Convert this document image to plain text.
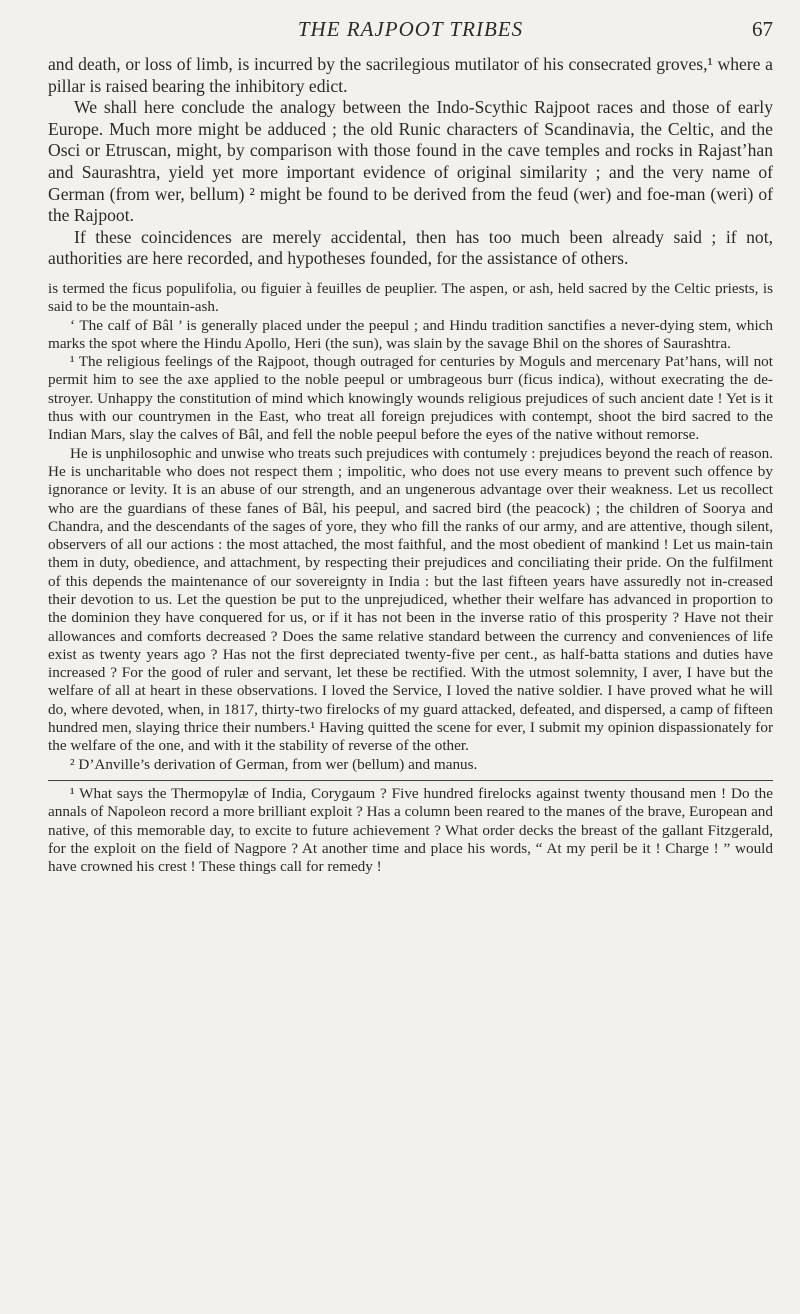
THE RAJPOOT TRIBES	67

and death, or loss of limb, is incurred by the sacrilegious mutilator of his consecrated groves,¹ where a pillar is raised bearing the inhibitory edict.

We shall here conclude the analogy between the Indo-Scythic Rajpoot races and those of early Europe. Much more might be adduced ; the old Runic characters of Scandinavia, the Celtic, and the Osci or Etruscan, might, by comparison with those found in the cave temples and rocks in Rajast’han and Saurashtra, yield yet more important evidence of original similarity ; and the very name of German (from wer, bellum) ² might be found to be derived from the feud (wer) and foe-man (weri) of the Rajpoot.

If these coincidences are merely accidental, then has too much been already said ; if not, authorities are here recorded, and hypotheses founded, for the assistance of others.

is termed the ficus populifolia, ou figuier à feuilles de peuplier. The aspen, or ash, held sacred by the Celtic priests, is said to be the mountain-ash.

‘ The calf of Bâl ’ is generally placed under the peepul ; and Hindu tradition sanctifies a never-dying stem, which marks the spot where the Hindu Apollo, Heri (the sun), was slain by the savage Bhil on the shores of Saurashtra.

¹ The religious feelings of the Rajpoot, though outraged for centuries by Moguls and mercenary Pat’hans, will not permit him to see the axe applied to the noble peepul or umbrageous burr (ficus indica), without execrating the de-stroyer. Unhappy the constitution of mind which knowingly wounds religious prejudices of such ancient date ! Yet is it thus with our countrymen in the East, who treat all foreign prejudices with contempt, shoot the bird sacred to the Indian Mars, slay the calves of Bâl, and fell the noble peepul before the eyes of the native without remorse.

He is unphilosophic and unwise who treats such prejudices with contumely : prejudices beyond the reach of reason. He is uncharitable who does not respect them ; impolitic, who does not use every means to prevent such offence by ignorance or levity. It is an abuse of our strength, and an ungenerous advantage over their weakness. Let us recollect who are the guardians of these fanes of Bâl, his peepul, and sacred bird (the peacock) ; the children of Soorya and Chandra, and the descendants of the sages of yore, they who fill the ranks of our army, and are attentive, though silent, observers of all our actions : the most attached, the most faithful, and the most obedient of mankind ! Let us main-tain them in duty, obedience, and attachment, by respecting their prejudices and conciliating their pride. On the fulfilment of this depends the maintenance of our sovereignty in India : but the last fifteen years have assuredly not in-creased their devotion to us. Let the question be put to the unprejudiced, whether their welfare has advanced in proportion to the dominion they have conquered for us, or if it has not been in the inverse ratio of this prosperity ? Have not their allowances and comforts decreased ? Does the same relative standard between the currency and conveniences of life exist as twenty years ago ? Has not the first depreciated twenty-five per cent., as half-batta stations and duties have increased ? For the good of ruler and servant, let these be rectified. With the utmost solemnity, I aver, I have but the welfare of all at heart in these observations. I loved the Service, I loved the native soldier. I have proved what he will do, where devoted, when, in 1817, thirty-two firelocks of my guard attacked, defeated, and dispersed, a camp of fifteen hundred men, slaying thrice their numbers.¹ Having quitted the scene for ever, I submit my opinion dispassionately for the welfare of the one, and with it the stability of reverse of the other.

² D’Anville’s derivation of German, from wer (bellum) and manus.

¹ What says the Thermopylæ of India, Corygaum ? Five hundred firelocks against twenty thousand men ! Do the annals of Napoleon record a more brilliant exploit ? Has a column been reared to the manes of the brave, European and native, of this memorable day, to excite to future achievement ? What order decks the breast of the gallant Fitzgerald, for the exploit on the field of Nagpore ? At another time and place his words, “ At my peril be it ! Charge ! ” would have crowned his crest ! These things call for remedy !
